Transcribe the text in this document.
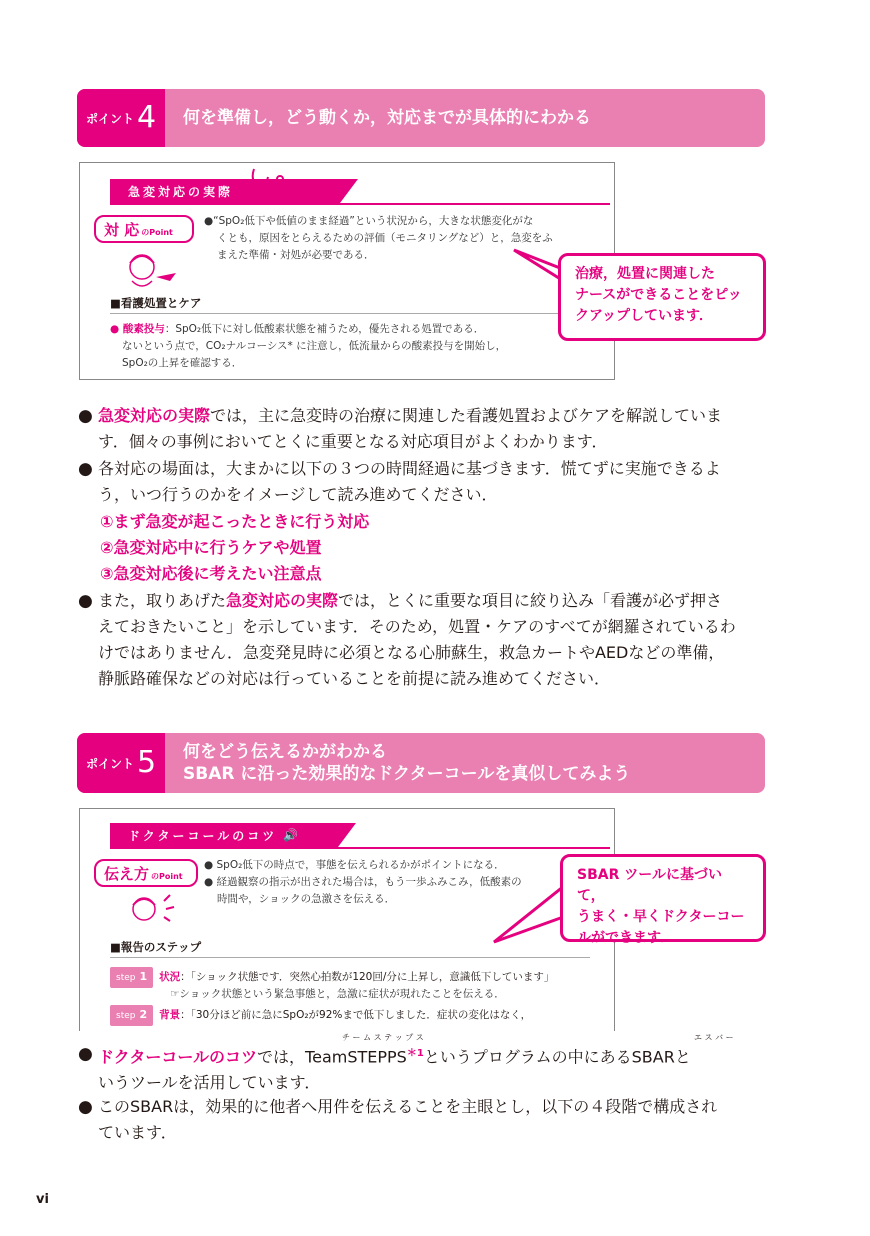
ポイント 4	何を準備し，どう動くか，対応までが具体的にわかる
急変対応の実際
対 応 のPoint
●“SpO₂低下や低値のまま経過”という状況から，大きな状態変化がな
くとも，原因をとらえるための評価（モニタリングなど）と，急変をふ
まえた準備・対処が必要である．
■看護処置とケア
● 酸素投与：SpO₂低下に対し低酸素状態を補うため，優先される処置である．
ないという点で，CO₂ナルコーシス* に注意し，低流量からの酸素投与を開始し，
SpO₂の上昇を確認する．
治療，処置に関連した
ナースができることをピッ
クアップしています．
● 急変対応の実際では，主に急変時の治療に関連した看護処置およびケアを解説していま
す．個々の事例においてとくに重要となる対応項目がよくわかります．
● 各対応の場面は，大まかに以下の３つの時間経過に基づきます．慌てずに実施できるよ
う，いつ行うのかをイメージして読み進めてください．
①まず急変が起こったときに行う対応
②急変対応中に行うケアや処置
③急変対応後に考えたい注意点
● また，取りあげた急変対応の実際では，とくに重要な項目に絞り込み「看護が必ず押さ
えておきたいこと」を示しています．そのため，処置・ケアのすべてが網羅されているわ
けではありません．急変発見時に必須となる心肺蘇生，救急カートやAEDなどの準備，
静脈路確保などの対応は行っていることを前提に読み進めてください．
ポイント 5 何をどう伝えるかがわかる
SBAR に沿った効果的なドクターコールを真似してみよう
ドクターコールのコツ 🔊
伝え方 のPoint
● SpO₂低下の時点で，事態を伝えられるかがポイントになる．
● 経過観察の指示が出された場合は，もう一歩ふみこみ，低酸素の
時間や，ショックの急激さを伝える．
■報告のステップ
step 1 状況：「ショック状態です．突然心拍数が120回/分に上昇し，意識低下しています」
☞ショック状態という緊急事態と，急激に症状が現れたことを伝える．
step 2 背景：「30分ほど前に急にSpO₂が92%まで低下しました．症状の変化はなく，
SBAR ツールに基づいて，
うまく・早くドクターコー
ルができます．
チ ー ム ス テ ッ プ ス	エ ス バ ー
● ドクターコールのコツでは，TeamSTEPPS$^{*1}$というプログラムの中にあるSBARと
いうツールを活用しています．
● このSBARは，効果的に他者へ用件を伝えることを主眼とし，以下の４段階で構成され
ています．
vi
